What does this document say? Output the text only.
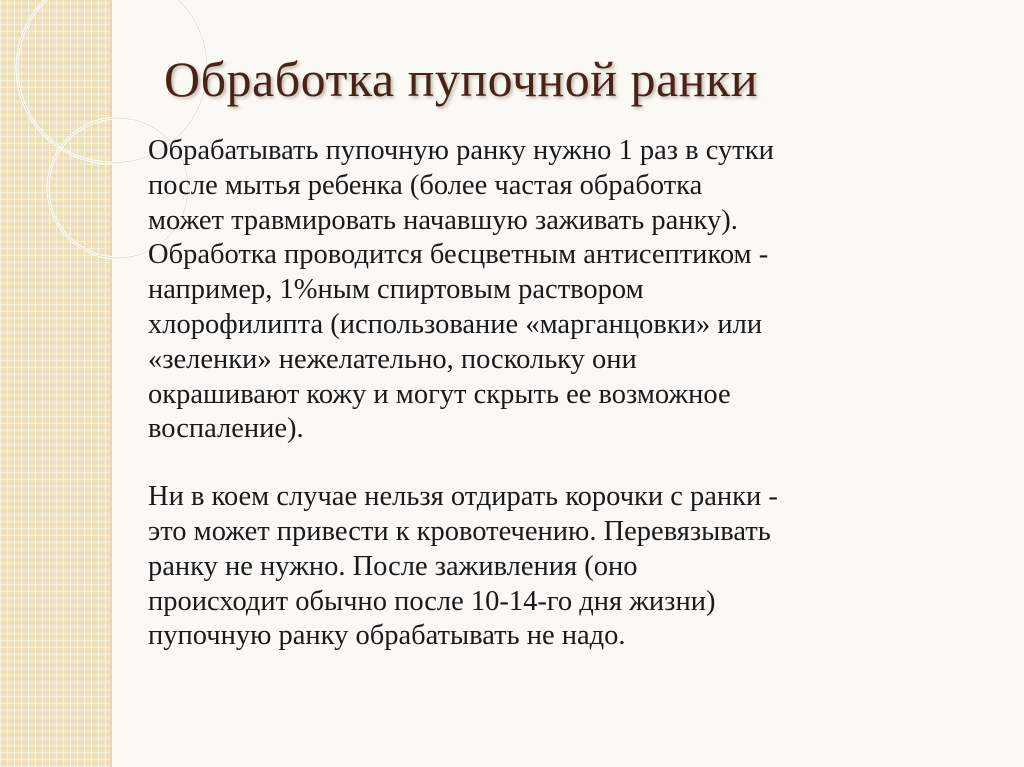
Обработка пупочной ранки

Обрабатывать пупочную ранку нужно 1 раз в сутки
после мытья ребенка (более частая обработка
может травмировать начавшую заживать ранку).
Обработка проводится бесцветным антисептиком -
например, 1%ным спиртовым раствором
хлорофилипта (использование «марганцовки» или
«зеленки» нежелательно, поскольку они
окрашивают кожу и могут скрыть ее возможное
воспаление).

Ни в коем случае нельзя отдирать корочки с ранки -
это может привести к кровотечению. Перевязывать
ранку не нужно. После заживления (оно
происходит обычно после 10-14-го дня жизни)
пупочную ранку обрабатывать не надо.
